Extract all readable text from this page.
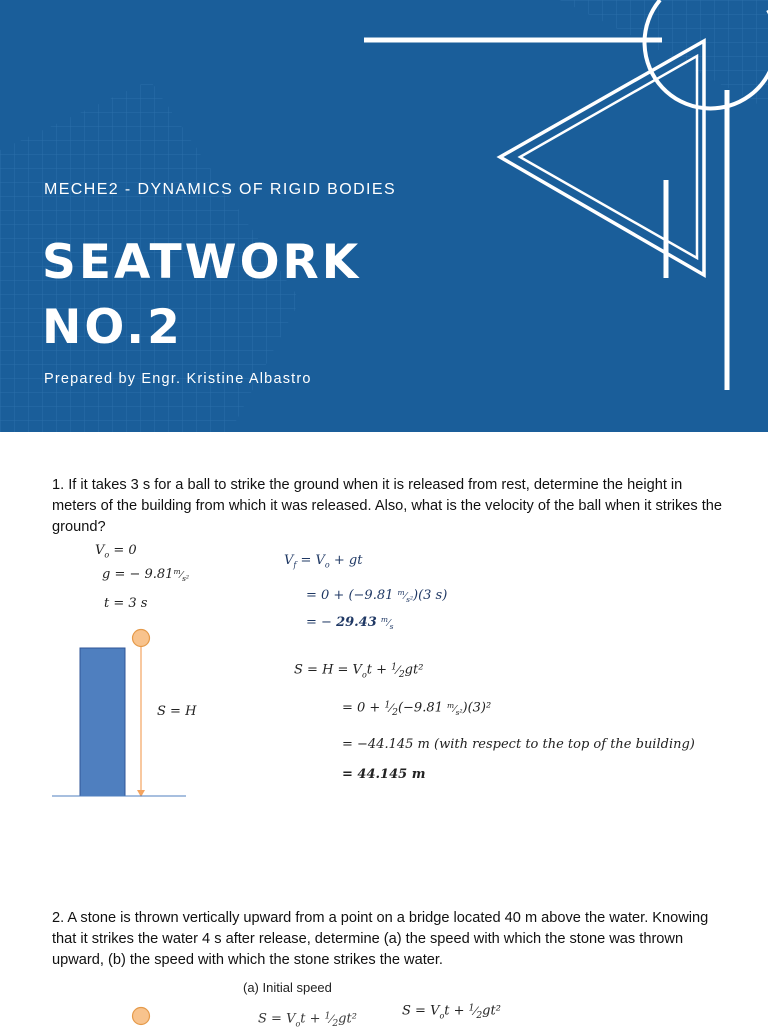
MECHE2 - DYNAMICS OF RIGID BODIES
SEATWORK
NO.2
Prepared by Engr. Kristine Albastro

1. If it takes 3 s for a ball to strike the ground when it is released from rest, determine the height in meters of the building from which it was released. Also, what is the velocity of the ball when it strikes the ground?

$V_o = 0$
g = − $9.81^m⁄_{s^2}$
t = 3 s
S = H
$V_f = V_o$ + gt
= 0 + (−9.81 $^m⁄_{s^2})(3$ s)
= − 29.43 $^m⁄_s$
$S = H = V_ot$ + $^1⁄_2gt^2$
= $0 + ^1⁄_2(-9.81$ $^m⁄_{s^2})(3)^2$
= −44.145 m (with respect to the top of the building)
= 44.145 m

2. A stone is thrown vertically upward from a point on a bridge located 40 m above the water. Knowing that it strikes the water 4 s after release, determine (a) the speed with which the stone was thrown upward, (b) the speed with which the stone strikes the water.

(a) Initial speed
$S = V_ot$ + $^1⁄_2gt^2$
$S = V_ot$ + $^1⁄_2gt^2$
